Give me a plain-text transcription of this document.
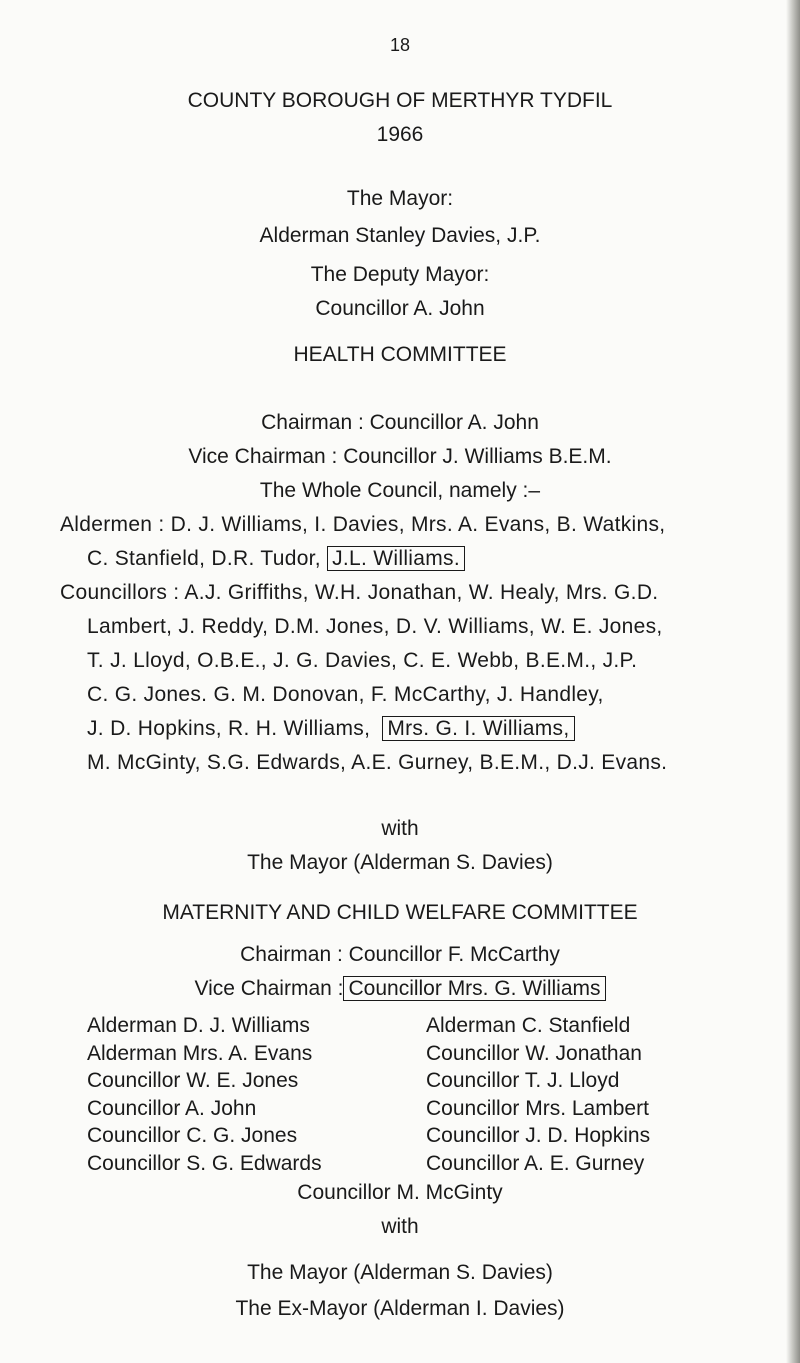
18
COUNTY BOROUGH OF MERTHYR TYDFIL
1966
The Mayor:
Alderman Stanley Davies, J.P.
The Deputy Mayor:
Councillor A. John
HEALTH COMMITTEE
Chairman : Councillor A. John
Vice Chairman : Councillor J. Williams B.E.M.
The Whole Council, namely :–
Aldermen : D. J. Williams, I. Davies, Mrs. A. Evans, B. Watkins,
C. Stanfield, D.R. Tudor, J.L. Williams.
Councillors : A.J. Griffiths, W.H. Jonathan, W. Healy, Mrs. G.D.
Lambert, J. Reddy, D.M. Jones, D. V. Williams, W. E. Jones,
T. J. Lloyd, O.B.E., J. G. Davies, C. E. Webb, B.E.M., J.P.
C. G. Jones. G. M. Donovan, F. McCarthy, J. Handley,
J. D. Hopkins, R. H. Williams, Mrs. G. I. Williams,
M. McGinty, S.G. Edwards, A.E. Gurney, B.E.M., D.J. Evans.
with
The Mayor (Alderman S. Davies)
MATERNITY AND CHILD WELFARE COMMITTEE
Chairman : Councillor F. McCarthy
Vice Chairman : Councillor Mrs. G. Williams
Alderman D. J. Williams
Alderman Mrs. A. Evans
Councillor W. E. Jones
Councillor A. John
Councillor C. G. Jones
Councillor S. G. Edwards
Alderman C. Stanfield
Councillor W. Jonathan
Councillor T. J. Lloyd
Councillor Mrs. Lambert
Councillor J. D. Hopkins
Councillor A. E. Gurney
Councillor M. McGinty
with
The Mayor (Alderman S. Davies)
The Ex-Mayor (Alderman I. Davies)
